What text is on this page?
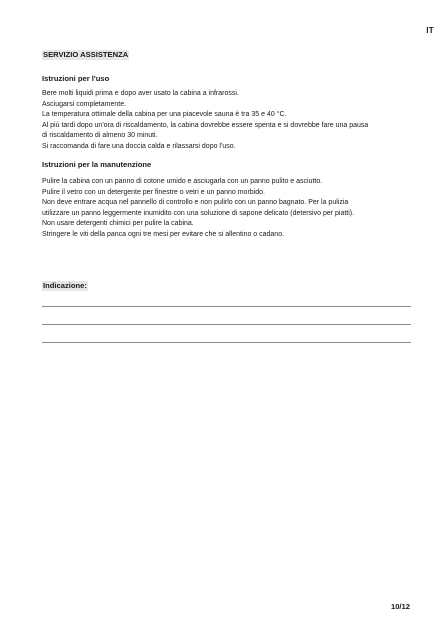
IT
SERVIZIO ASSISTENZA
Istruzioni per l'uso
Bere molti liquidi prima e dopo aver usato la cabina a infrarossi.
Asciugarsi completamente.
La temperatura ottimale della cabina per una piacevole sauna è tra 35 e 40 °C.
Al più tardi dopo un'ora di riscaldamento, la cabina dovrebbe essere spenta e si dovrebbe fare una pausa
di riscaldamento di almeno 30 minuti.
Si raccomanda di fare una doccia calda e rilassarsi dopo l'uso.
Istruzioni per la manutenzione
Pulire la cabina con un panno di cotone umido e asciugarla con un panno pulito e asciutto.
Pulire il vetro con un detergente per finestre o vetri e un panno morbido.
Non deve entrare acqua nel pannello di controllo e non pulirlo con un panno bagnato. Per la pulizia
utilizzare un panno leggermente inumidito con una soluzione di sapone delicato (detersivo per piatti).
Non usare detergenti chimici per pulire la cabina.
Stringere le viti della panca ogni tre mesi per evitare che si allentino o cadano.
Indicazione:
10/12
